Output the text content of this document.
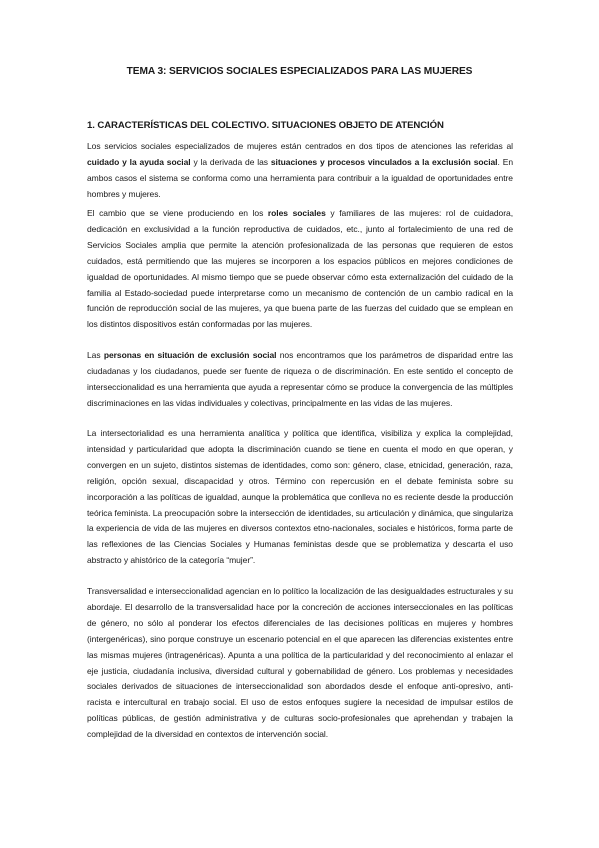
TEMA 3: SERVICIOS SOCIALES ESPECIALIZADOS PARA LAS MUJERES
1. CARACTERÍSTICAS DEL COLECTIVO. SITUACIONES OBJETO DE ATENCIÓN

Los servicios sociales especializados de mujeres están centrados en dos tipos de atenciones las referidas al cuidado y la ayuda social y la derivada de las situaciones y procesos vinculados a la exclusión social. En ambos casos el sistema se conforma como una herramienta para contribuir a la igualdad de oportunidades entre hombres y mujeres.

El cambio que se viene produciendo en los roles sociales y familiares de las mujeres: rol de cuidadora, dedicación en exclusividad a la función reproductiva de cuidados, etc., junto al fortalecimiento de una red de Servicios Sociales amplia que permite la atención profesionalizada de las personas que requieren de estos cuidados, está permitiendo que las mujeres se incorporen a los espacios públicos en mejores condiciones de igualdad de oportunidades. Al mismo tiempo que se puede observar cómo esta externalización del cuidado de la familia al Estado-sociedad puede interpretarse como un mecanismo de contención de un cambio radical en la función de reproducción social de las mujeres, ya que buena parte de las fuerzas del cuidado que se emplean en los distintos dispositivos están conformadas por las mujeres.

Las personas en situación de exclusión social nos encontramos que los parámetros de disparidad entre las ciudadanas y los ciudadanos, puede ser fuente de riqueza o de discriminación. En este sentido el concepto de interseccionalidad es una herramienta que ayuda a representar cómo se produce la convergencia de las múltiples discriminaciones en las vidas individuales y colectivas, principalmente en las vidas de las mujeres.

La intersectorialidad es una herramienta analítica y política que identifica, visibiliza y explica la complejidad, intensidad y particularidad que adopta la discriminación cuando se tiene en cuenta el modo en que operan, y convergen en un sujeto, distintos sistemas de identidades, como son: género, clase, etnicidad, generación, raza, religión, opción sexual, discapacidad y otros. Término con repercusión en el debate feminista sobre su incorporación a las políticas de igualdad, aunque la problemática que conlleva no es reciente desde la producción teórica feminista. La preocupación sobre la intersección de identidades, su articulación y dinámica, que singulariza la experiencia de vida de las mujeres en diversos contextos etno-nacionales, sociales e históricos, forma parte de las reflexiones de las Ciencias Sociales y Humanas feministas desde que se problematiza y descarta el uso abstracto y ahistórico de la categoría “mujer”.

Transversalidad e interseccionalidad agencian en lo político la localización de las desigualdades estructurales y su abordaje. El desarrollo de la transversalidad hace por la concreción de acciones interseccionales en las políticas de género, no sólo al ponderar los efectos diferenciales de las decisiones políticas en mujeres y hombres (intergenéricas), sino porque construye un escenario potencial en el que aparecen las diferencias existentes entre las mismas mujeres (intragenéricas). Apunta a una política de la particularidad y del reconocimiento al enlazar el eje justicia, ciudadanía inclusiva, diversidad cultural y gobernabilidad de género. Los problemas y necesidades sociales derivados de situaciones de interseccionalidad son abordados desde el enfoque anti-opresivo, anti-racista e intercultural en trabajo social. El uso de estos enfoques sugiere la necesidad de impulsar estilos de políticas públicas, de gestión administrativa y de culturas socio-profesionales que aprehendan y trabajen la complejidad de la diversidad en contextos de intervención social.
